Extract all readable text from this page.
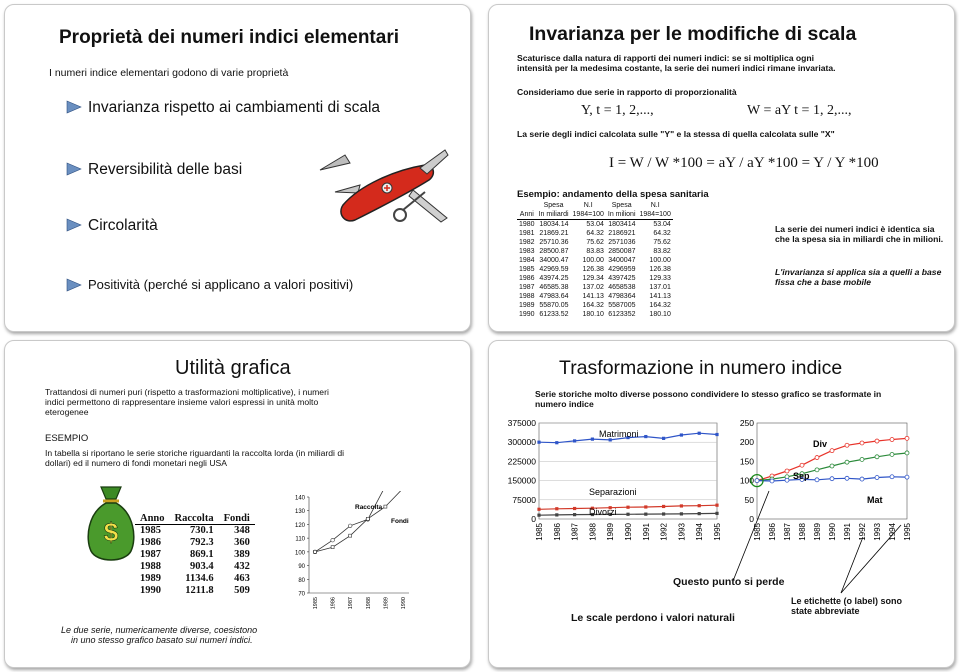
Proprietà dei numeri indici elementari
I numeri indice elementari godono di varie proprietà
Invarianza rispetto ai cambiamenti di scala
Reversibilità delle basi
Circolarità
Positività (perché si applicano a valori positivi)
Invarianza per le modifiche di scala
Scaturisce dalla natura di rapporti dei numeri indici: se si moltiplica ogni
intensità per la medesima costante, la serie dei numeri indici rimane invariata.
Consideriamo due serie in rapporto di proporzionalità
Y, t = 1, 2,...,	W = aY t = 1, 2,...,
La serie degli indici calcolata sulle "Y" e la stessa di quella calcolata sulle "X"
I = W / W *100 = aY / aY *100 = Y / Y *100
Esempio: andamento della spesa sanitaria
	Spesa	N.I	Spesa	N.I
Anni	In miliardi	1984=100	In milioni	1984=100
1980	18034.14	53.04	1803414	53.04
1981	21869.21	64.32	2186921	64.32
1982	25710.36	75.62	2571036	75.62
1983	28500.87	83.83	2850087	83.82
1984	34000.47	100.00	3400047	100.00
1985	42969.59	126.38	4296959	126.38
1986	43974.25	129.34	4397425	129.33
1987	46585.38	137.02	4658538	137.01
1988	47983.64	141.13	4798364	141.13
1989	55870.05	164.32	5587005	164.32
1990	61233.52	180.10	6123352	180.10
La serie dei numeri indici è identica sia che la spesa sia in miliardi che in milioni.
L'invarianza si applica sia a quelli a base fissa che a base mobile
Utilità grafica
Trattandosi di numeri puri (rispetto a trasformazioni moltiplicative), i numeri
indici permettono di rappresentare insieme valori espressi in unità molto
eterogenee
ESEMPIO
In tabella si riportano le serie storiche riguardanti la raccolta lorda (in miliardi di
dollari) ed il numero di fondi monetari negli USA
$ Anno	Raccolta	Fondi
1985	730.1	348
1986	792.3	360
1987	869.1	389
1988	903.4	432
1989	1134.6	463
1990	1211.8	509	70
80
90
100
110
120
130
140
1985 1986 1987 1988 1989 1990
Raccolta
Fondi
Le due serie, numericamente diverse, coesistono
in uno stesso grafico basato sui numeri indici.
Trasformazione in numero indice
Serie storiche molto diverse possono condividere lo stesso grafico se trasformate in
numero indice
0
75000
150000
225000
300000
375000
1985 1986 1987 1988 1989 1990 1991 1992 1993 1994 1995
Matrimoni
Separazioni
Divorzi
0
50
100
150
200
250
1985 1986 1987 1988 1989 1990 1991 1992 1993 1994 1995
Div
Sep
Mat
Questo punto si perde
Le scale perdono i valori naturali
Le etichette (o label) sono
state abbreviate
